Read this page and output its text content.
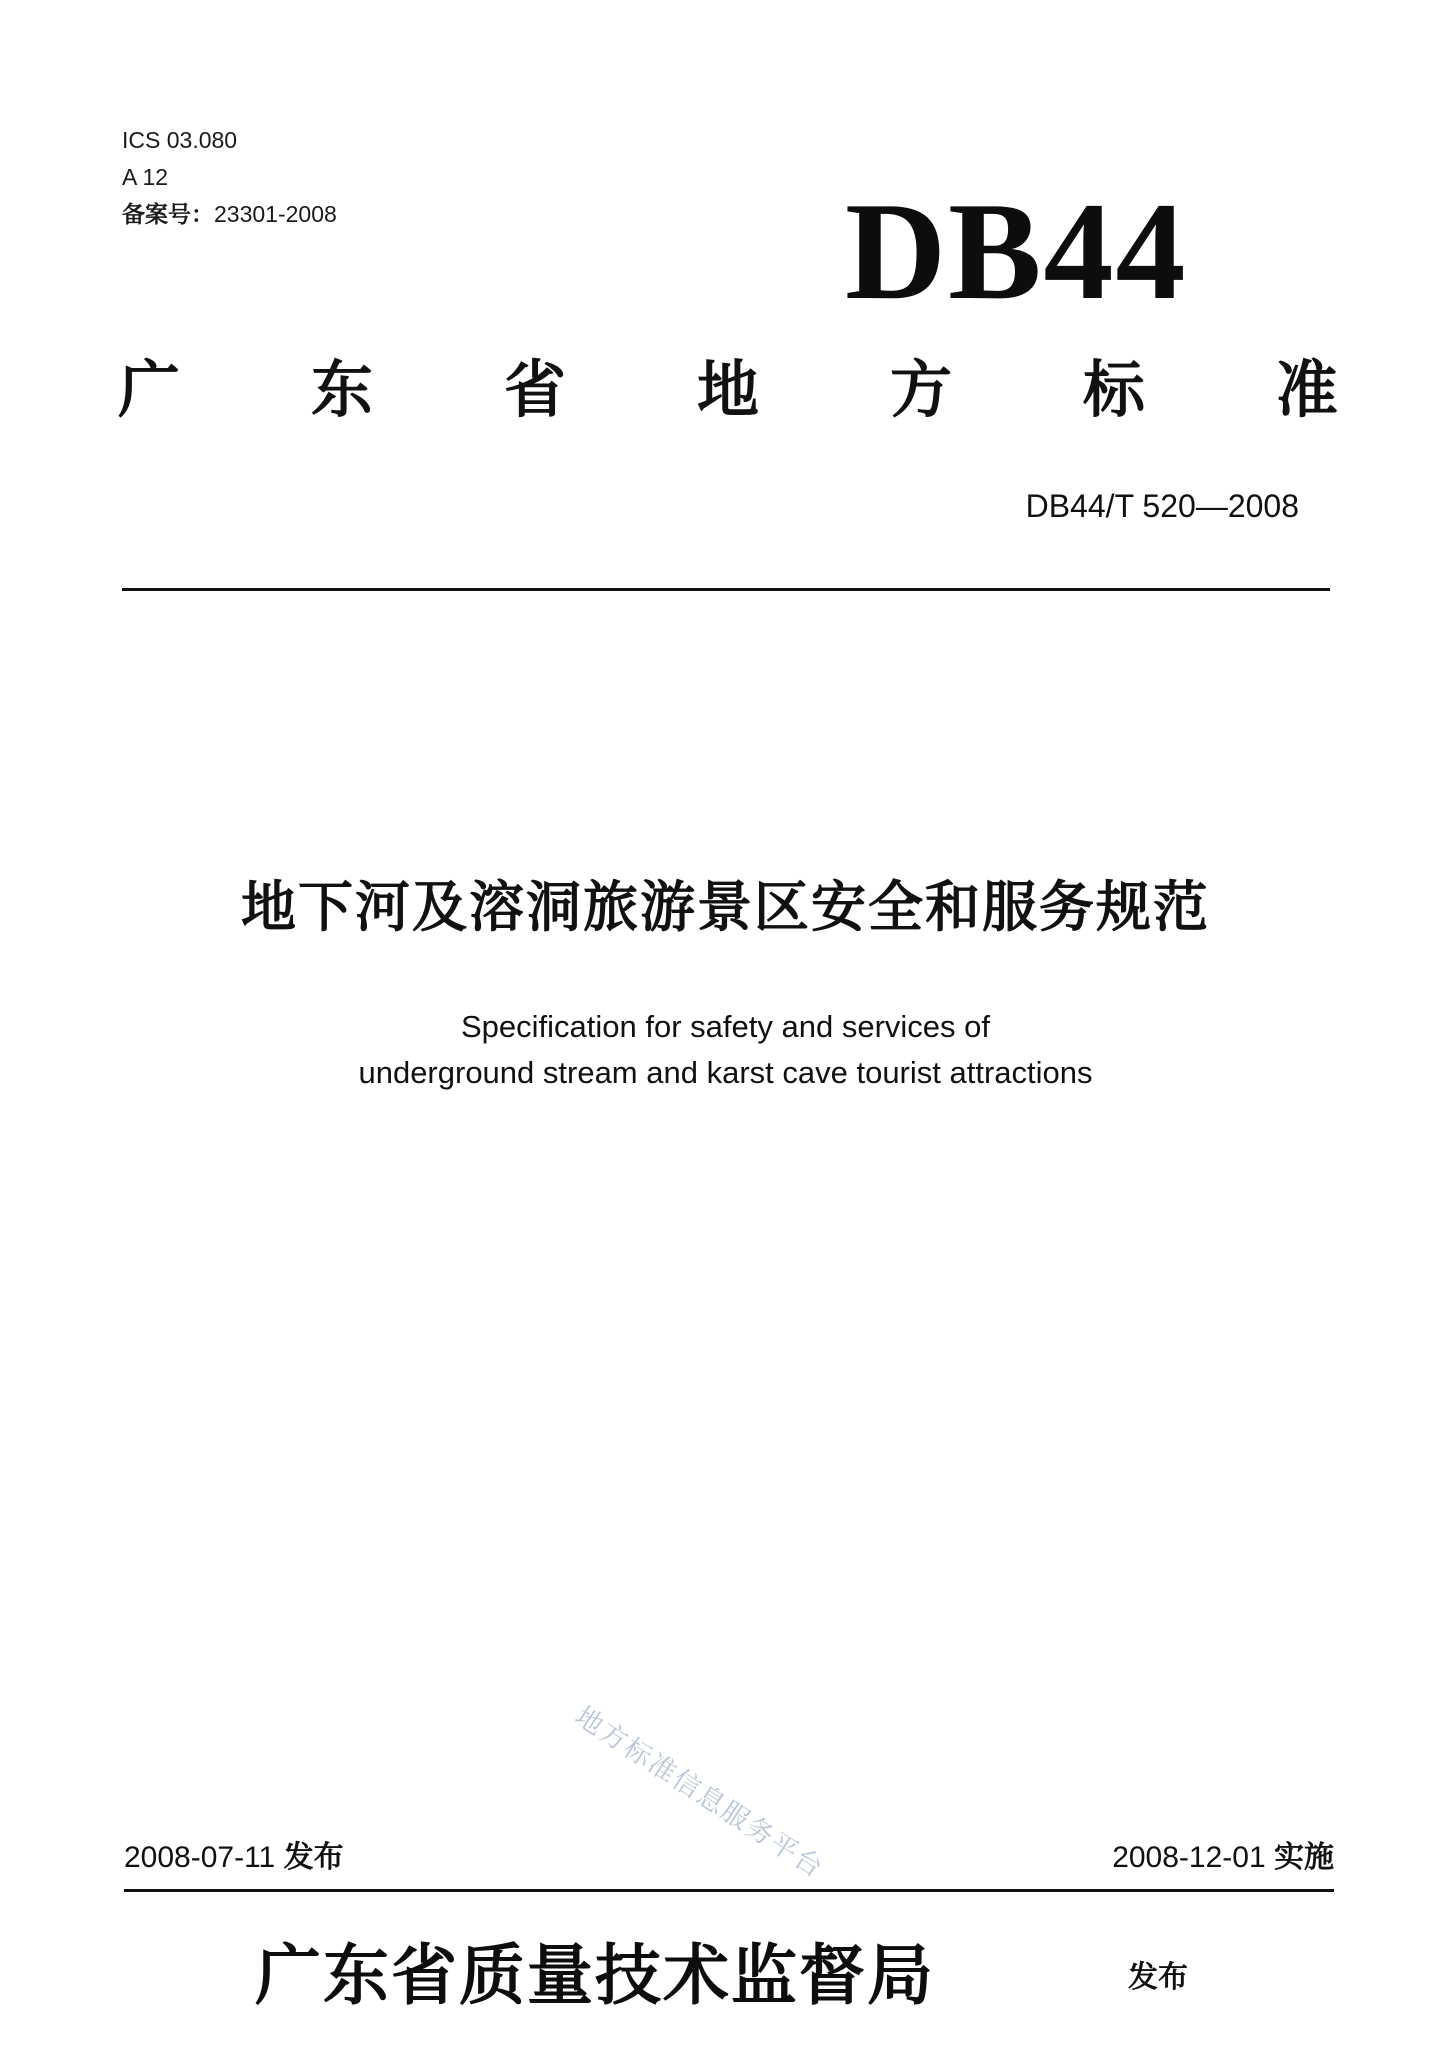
ICS 03.080
A 12
备案号：23301-2008	DB44
广 东 省 地 方 标 准
DB44/T 520—2008
地下河及溶洞旅游景区安全和服务规范
Specification for safety and services of
underground stream and karst cave tourist attractions
地方标准信息服务平台
2008-07-11 发布	2008-12-01 实施
广东省质量技术监督局	发布
